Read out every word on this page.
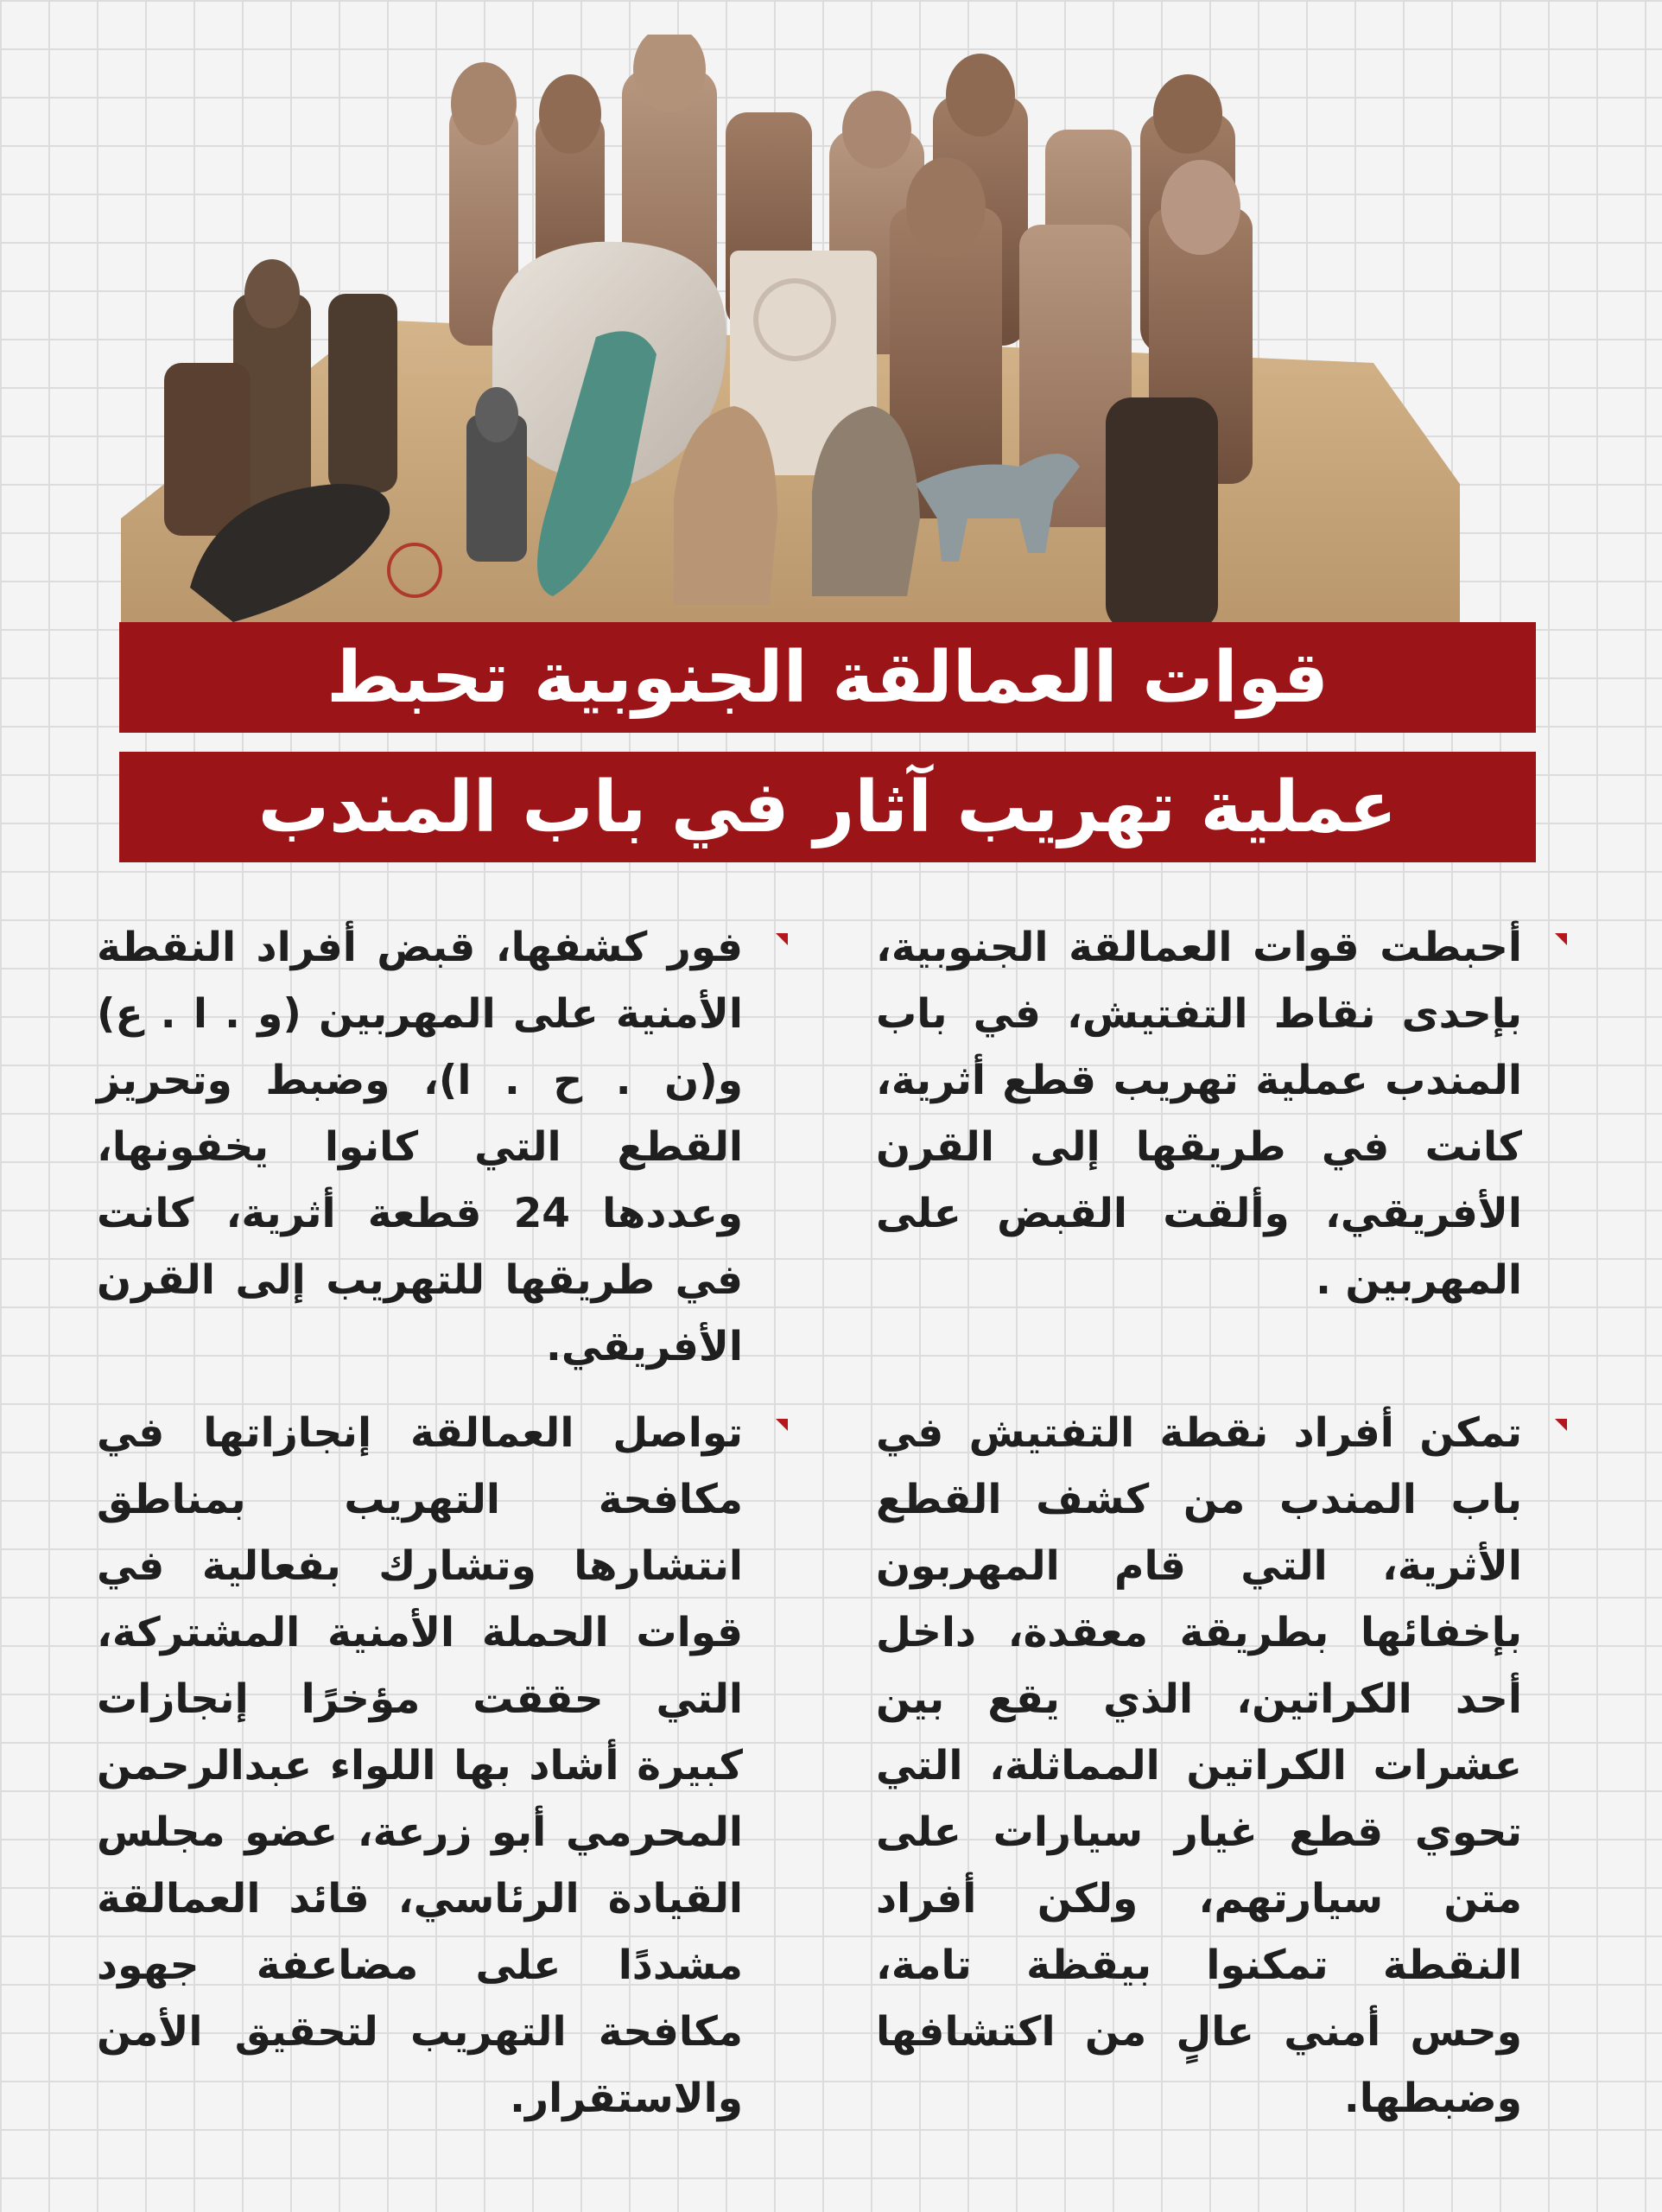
قوات العمالقة الجنوبية تحبط
عملية تهريب آثار في باب المندب
أحبطت قوات العمالقة الجنوبية، بإحدى نقاط التفتيش، في باب المندب عملية تهريب قطع أثرية، كانت في طريقها إلى القرن الأفريقي، وألقت القبض على المهربين .
تمكن أفراد نقطة التفتيش في باب المندب من كشف القطع الأثرية، التي قام المهربون بإخفائها بطريقة معقدة، داخل أحد الكراتين، الذي يقع بين عشرات الكراتين المماثلة، التي تحوي قطع غيار سيارات على متن سيارتهم، ولكن أفراد النقطة تمكنوا بيقظة تامة، وحس أمني عالٍ من اكتشافها وضبطها.
فور كشفها، قبض أفراد النقطة الأمنية على المهربين (و . ا . ع) و(ن . ح . ا)، وضبط وتحريز القطع التي كانوا يخفونها، وعددها 24 قطعة أثرية، كانت في طريقها للتهريب إلى القرن الأفريقي.
تواصل العمالقة إنجازاتها في مكافحة التهريب بمناطق انتشارها وتشارك بفعالية في قوات الحملة الأمنية المشتركة، التي حققت مؤخرًا إنجازات كبيرة أشاد بها اللواء عبدالرحمن المحرمي أبو زرعة، عضو مجلس القيادة الرئاسي، قائد العمالقة مشددًا على مضاعفة جهود مكافحة التهريب لتحقيق الأمن والاستقرار.
